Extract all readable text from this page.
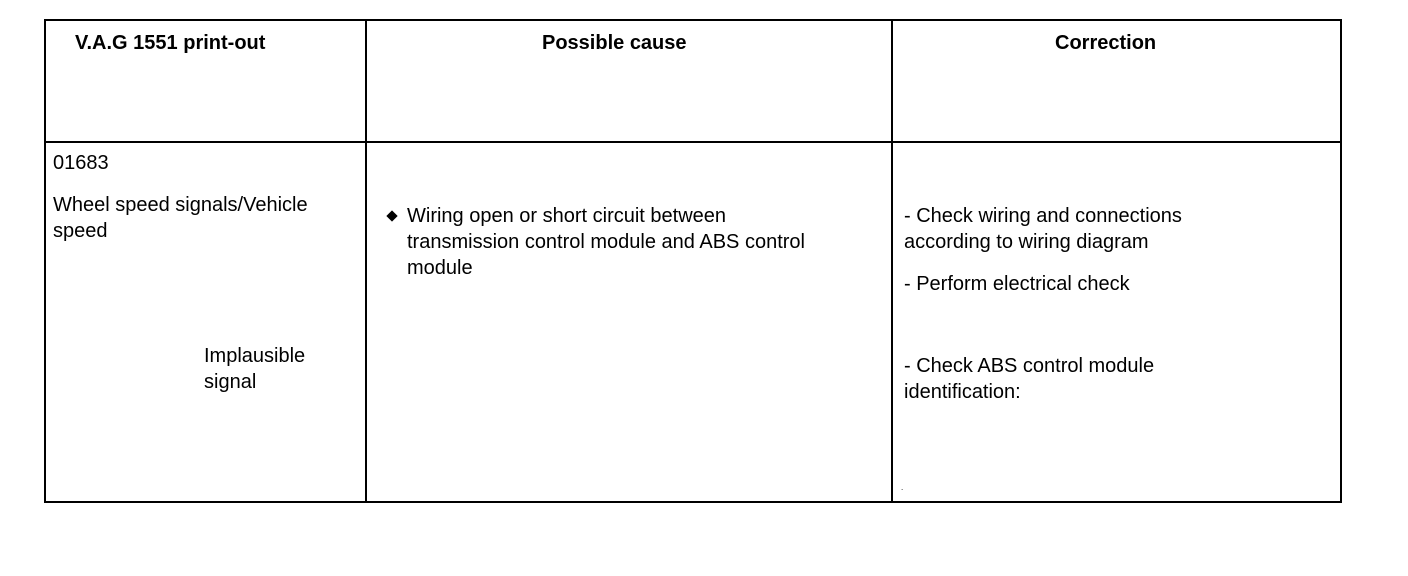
V.A.G 1551 print-out	Possible cause	Correction
01683
Wheel speed signals/Vehicle
speed
Implausible
signal
Wiring open or short circuit between
transmission control module and ABS control
module
- Check wiring and connections
according to wiring diagram
- Perform electrical check
- Check ABS control module
identification:
.
